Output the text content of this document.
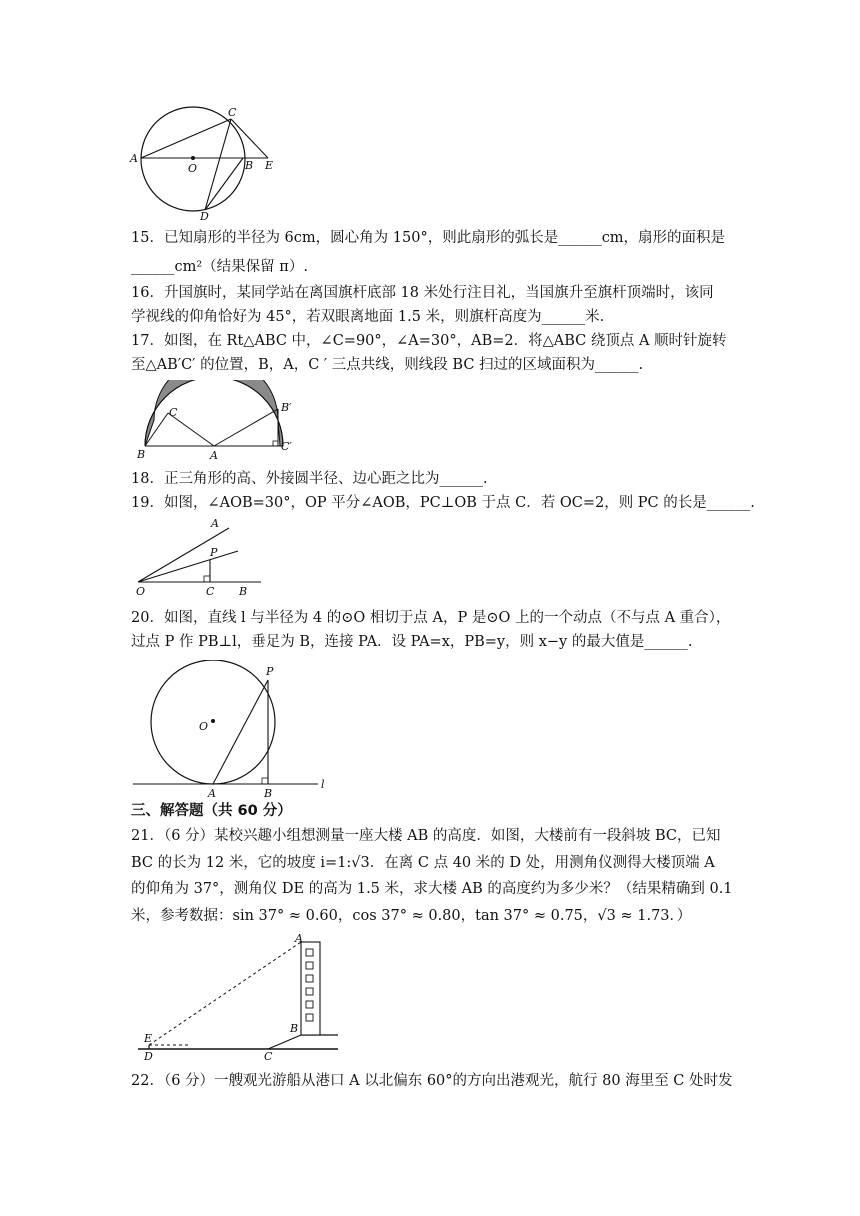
A
O	B E
C
D
15．已知扇形的半径为 6cm，圆心角为 150°，则此扇形的弧长是______cm，扇形的面积是
______cm²（结果保留 π）.
16．升国旗时，某同学站在离国旗杆底部 18 米处行注目礼，当国旗升至旗杆顶端时，该同
学视线的仰角恰好为 45°，若双眼离地面 1.5 米，则旗杆高度为______米.
17．如图，在 Rt△ABC 中，∠C=90°，∠A=30°，AB=2．将△ABC 绕顶点 A 顺时针旋转
至△AB′C′ 的位置，B，A，C ′ 三点共线，则线段 BC 扫过的区域面积为______.
C	B′
B	A
C′
18．正三角形的高、外接圆半径、边心距之比为______.
19．如图，∠AOB=30°，OP 平分∠AOB，PC⊥OB 于点 C．若 OC=2，则 PC 的长是______.
A
P
O	C B
20．如图，直线 l 与半径为 4 的⊙O 相切于点 A，P 是⊙O 上的一个动点（不与点 A 重合），
过点 P 作 PB⊥l，垂足为 B，连接 PA．设 PA=x，PB=y，则 x−y 的最大值是______.
P
O
A	B
l
三、解答题（共 60 分）
21．（6 分）某校兴趣小组想测量一座大楼 AB 的高度．如图，大楼前有一段斜坡 BC，已知
BC 的长为 12 米，它的坡度 i=1:√3．在离 C 点 40 米的 D 处，用测角仪测得大楼顶端 A
的仰角为 37°，测角仪 DE 的高为 1.5 米，求大楼 AB 的高度约为多少米？（结果精确到 0.1
米，参考数据：sin 37° ≈ 0.60，cos 37° ≈ 0.80，tan 37° ≈ 0.75，√3 ≈ 1.73．）
A
B
E
D	C
22．（6 分）一艘观光游船从港口 A 以北偏东 60°的方向出港观光，航行 80 海里至 C 处时发
